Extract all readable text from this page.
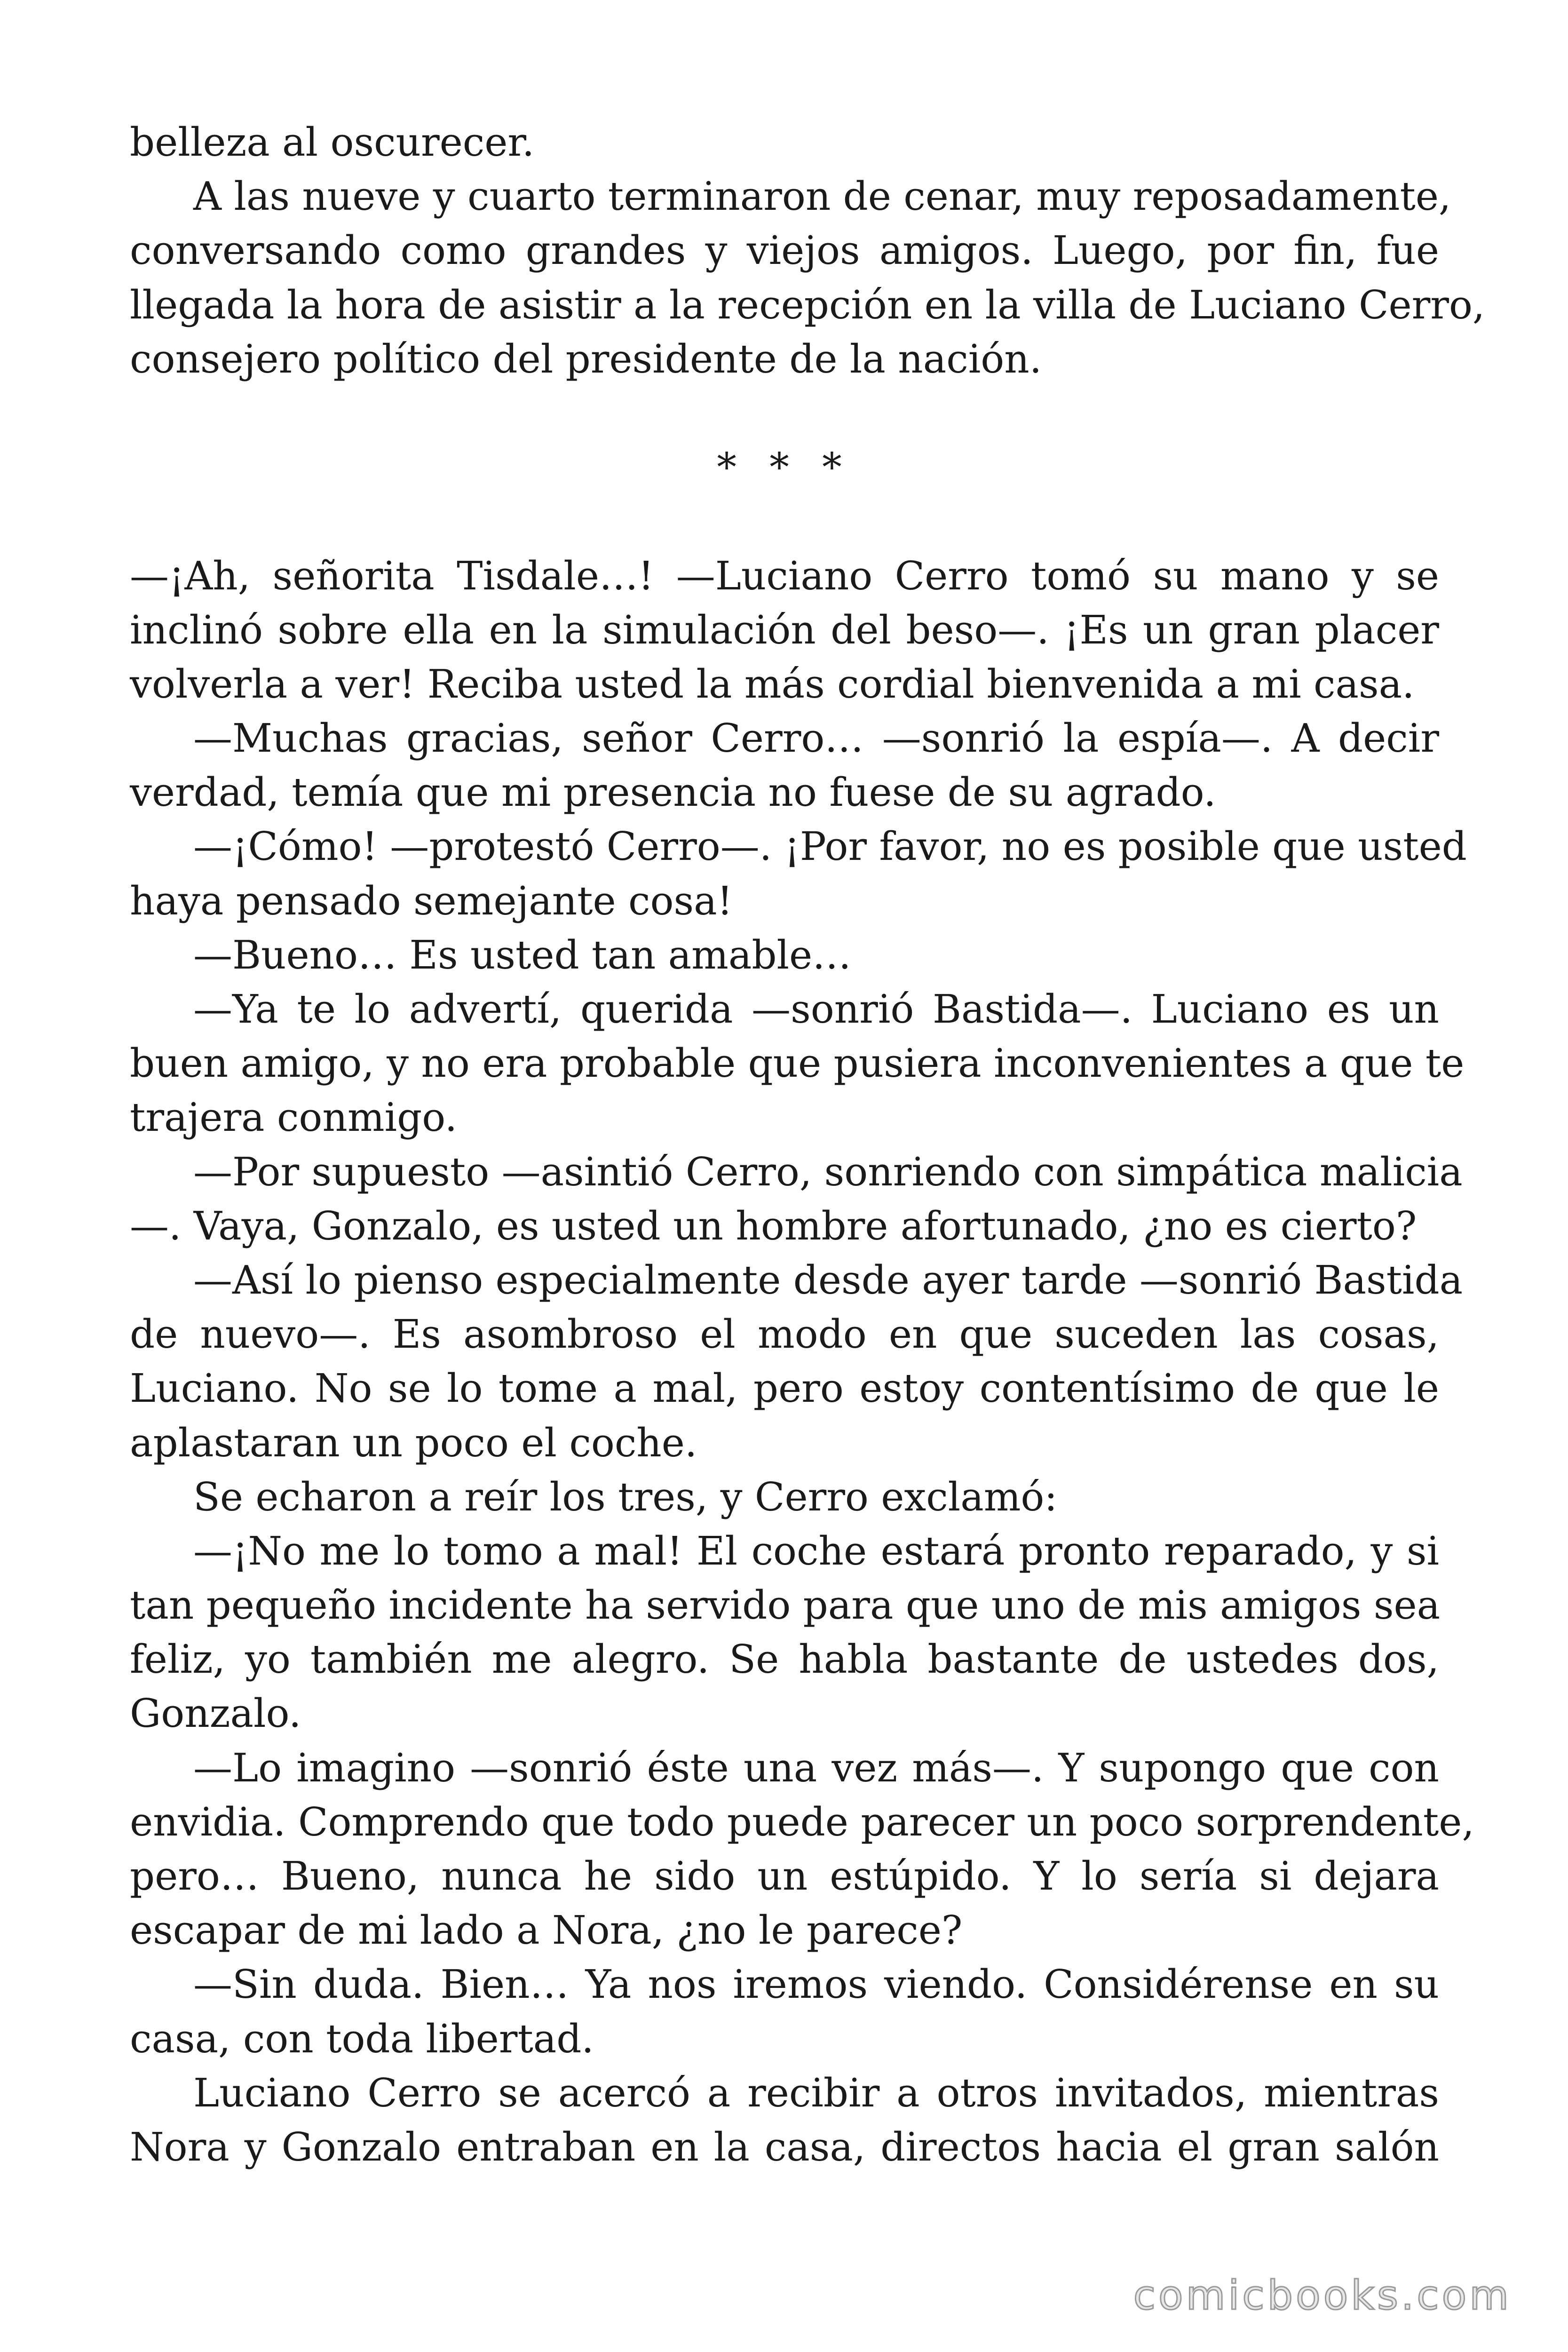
belleza al oscurecer.
A las nueve y cuarto terminaron de cenar, muy reposadamente,
conversando como grandes y viejos amigos. Luego, por fin, fue
llegada la hora de asistir a la recepción en la villa de Luciano Cerro,
consejero político del presidente de la nación.
* * *
—¡Ah, señorita Tisdale…! —Luciano Cerro tomó su mano y se
inclinó sobre ella en la simulación del beso—. ¡Es un gran placer
volverla a ver! Reciba usted la más cordial bienvenida a mi casa.
—Muchas gracias, señor Cerro… —sonrió la espía—. A decir
verdad, temía que mi presencia no fuese de su agrado.
—¡Cómo! —protestó Cerro—. ¡Por favor, no es posible que usted
haya pensado semejante cosa!
—Bueno… Es usted tan amable…
—Ya te lo advertí, querida —sonrió Bastida—. Luciano es un
buen amigo, y no era probable que pusiera inconvenientes a que te
trajera conmigo.
—Por supuesto —asintió Cerro, sonriendo con simpática malicia
—. Vaya, Gonzalo, es usted un hombre afortunado, ¿no es cierto?
—Así lo pienso especialmente desde ayer tarde —sonrió Bastida
de nuevo—. Es asombroso el modo en que suceden las cosas,
Luciano. No se lo tome a mal, pero estoy contentísimo de que le
aplastaran un poco el coche.
Se echaron a reír los tres, y Cerro exclamó:
—¡No me lo tomo a mal! El coche estará pronto reparado, y si
tan pequeño incidente ha servido para que uno de mis amigos sea
feliz, yo también me alegro. Se habla bastante de ustedes dos,
Gonzalo.
—Lo imagino —sonrió éste una vez más—. Y supongo que con
envidia. Comprendo que todo puede parecer un poco sorprendente,
pero… Bueno, nunca he sido un estúpido. Y lo sería si dejara
escapar de mi lado a Nora, ¿no le parece?
—Sin duda. Bien… Ya nos iremos viendo. Considérense en su
casa, con toda libertad.
Luciano Cerro se acercó a recibir a otros invitados, mientras
Nora y Gonzalo entraban en la casa, directos hacia el gran salón
comicbooks.com
